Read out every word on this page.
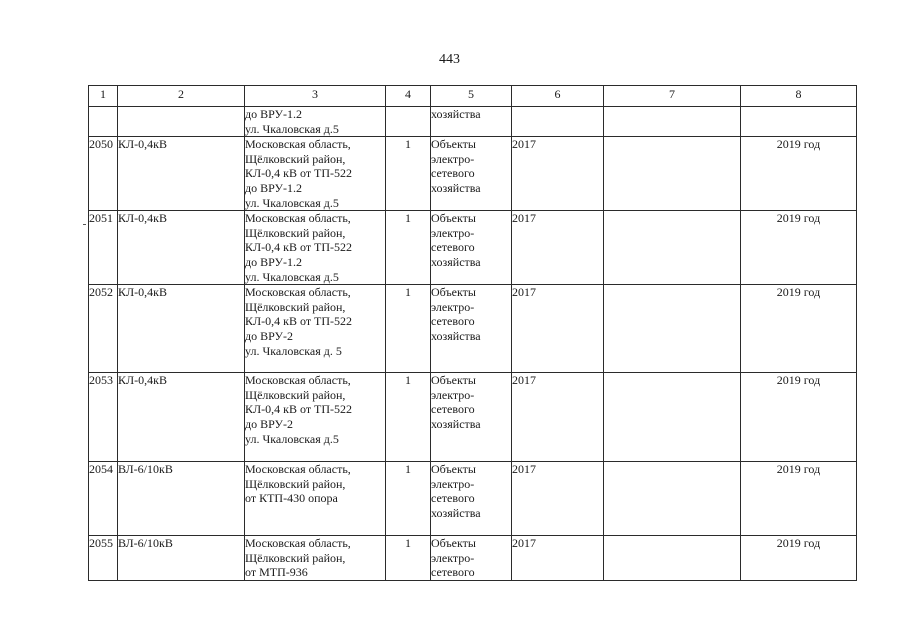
443
1	2	3	4	5	6	7	8
		до ВРУ-1.2
ул. Чкаловская д.5		хозяйства			
2050	КЛ-0,4кВ	Московская область,
Щёлковский район,
КЛ-0,4 кВ от ТП-522
до ВРУ-1.2
ул. Чкаловская д.5	1	Объекты
электро-
сетевого
хозяйства	2017		2019 год
2051	КЛ-0,4кВ	Московская область,
Щёлковский район,
КЛ-0,4 кВ от ТП-522
до ВРУ-1.2
ул. Чкаловская д.5	1	Объекты
электро-
сетевого
хозяйства	2017		2019 год
2052	КЛ-0,4кВ	Московская область,
Щёлковский район,
КЛ-0,4 кВ от ТП-522
до ВРУ-2
ул. Чкаловская д. 5	1	Объекты
электро-
сетевого
хозяйства	2017		2019 год
2053	КЛ-0,4кВ	Московская область,
Щёлковский район,
КЛ-0,4 кВ от ТП-522
до ВРУ-2
ул. Чкаловская д.5	1	Объекты
электро-
сетевого
хозяйства	2017		2019 год
2054	ВЛ-6/10кВ	Московская область,
Щёлковский район,
от КТП-430 опора	1	Объекты
электро-
сетевого
хозяйства	2017		2019 год
2055	ВЛ-6/10кВ	Московская область,
Щёлковский район,
от МТП-936	1	Объекты
электро-
сетевого	2017		2019 год
